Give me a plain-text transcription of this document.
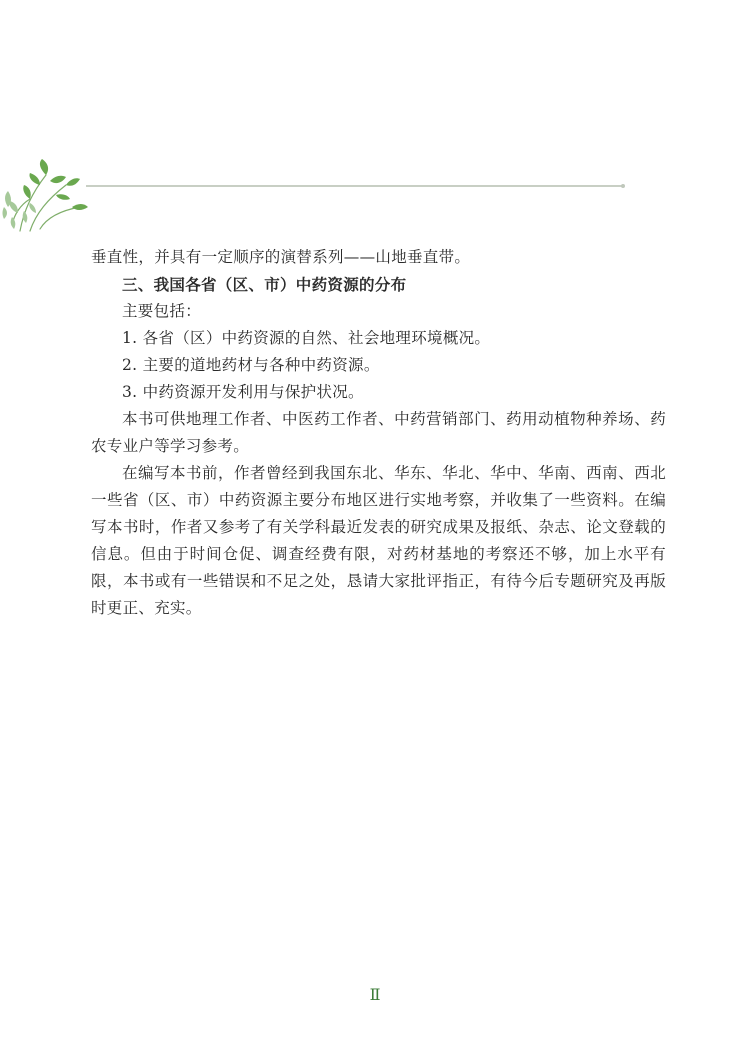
垂直性，并具有一定顺序的演替系列——山地垂直带。

三、我国各省（区、市）中药资源的分布

主要包括：

1. 各省（区）中药资源的自然、社会地理环境概况。

2. 主要的道地药材与各种中药资源。

3. 中药资源开发利用与保护状况。

本书可供地理工作者、中医药工作者、中药营销部门、药用动植物种养场、药农专业户等学习参考。

在编写本书前，作者曾经到我国东北、华东、华北、华中、华南、西南、西北一些省（区、市）中药资源主要分布地区进行实地考察，并收集了一些资料。在编写本书时，作者又参考了有关学科最近发表的研究成果及报纸、杂志、论文登载的信息。但由于时间仓促、调查经费有限，对药材基地的考察还不够，加上水平有限，本书或有一些错误和不足之处，恳请大家批评指正，有待今后专题研究及再版时更正、充实。

Ⅱ
